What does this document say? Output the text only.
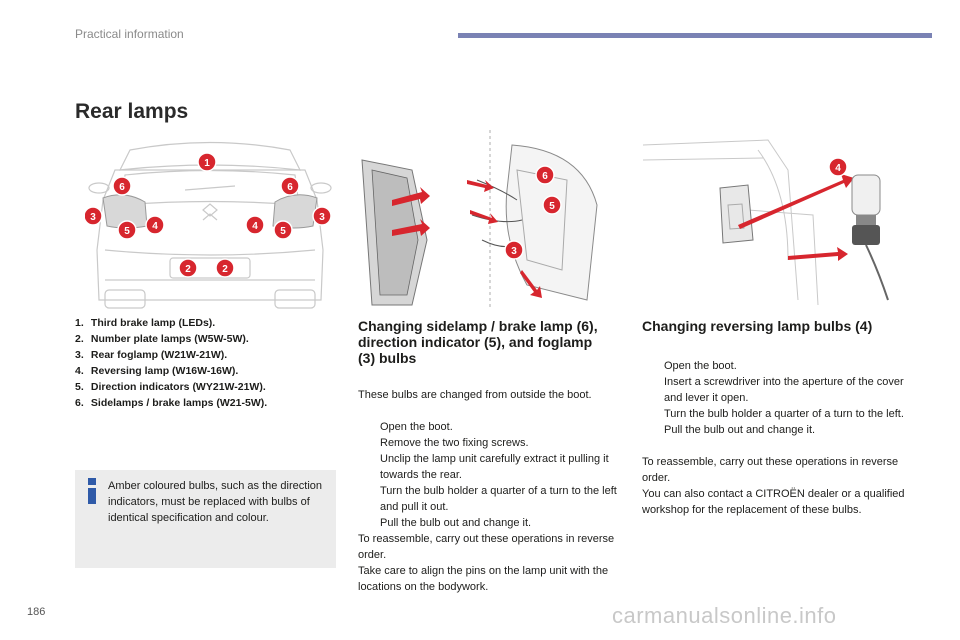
Practical information
Rear lamps
1
6	6
3	3
5 4	4 5
2	2
6
5
3
4
1. Third brake lamp (LEDs).
2. Number plate lamps (W5W-5W).
3. Rear foglamp (W21W-21W).
4. Reversing lamp (W16W-16W).
5. Direction indicators (WY21W-21W).
6. Sidelamps / brake lamps (W21-5W).
Amber coloured bulbs, such as the direction indicators, must be replaced with bulbs of identical specification and colour.
Changing sidelamp / brake lamp (6), direction indicator (5), and foglamp (3) bulbs

These bulbs are changed from outside the boot.

Open the boot.
Remove the two fixing screws.
Unclip the lamp unit carefully extract it pulling it towards the rear.
Turn the bulb holder a quarter of a turn to the left and pull it out.
Pull the bulb out and change it.
To reassemble, carry out these operations in reverse order.
Take care to align the pins on the lamp unit with the locations on the bodywork.
Changing reversing lamp bulbs (4)
Open the boot.
Insert a screwdriver into the aperture of the cover and lever it open.
Turn the bulb holder a quarter of a turn to the left.
Pull the bulb out and change it.
To reassemble, carry out these operations in reverse order.
You can also contact a CITROËN dealer or a qualified workshop for the replacement of these bulbs.
186	carmanualsonline.info
